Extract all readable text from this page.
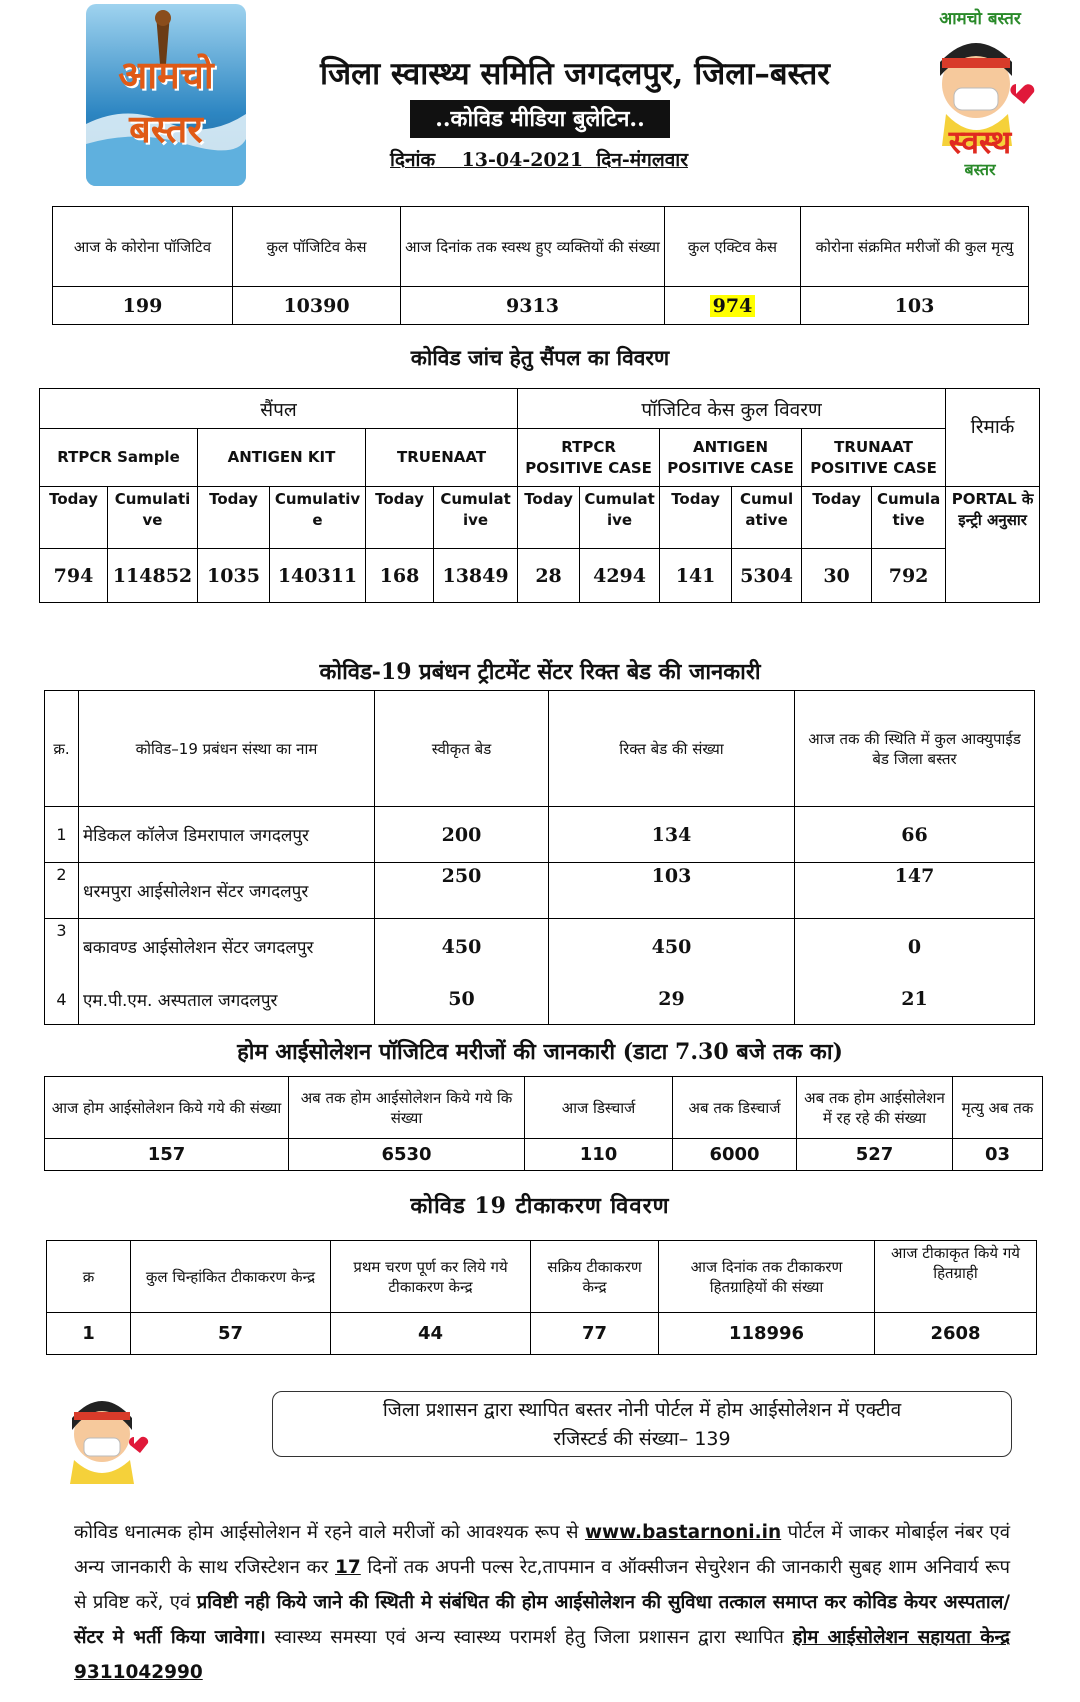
आमचो
बस्तर
आमचो बस्तर
स्वस्थ
बस्तर
जिला स्वास्थ्य समिति जगदलपुर, जिला–बस्तर
..कोविड मीडिया बुलेटिन..
दिनांक 13-04-2021 दिन-मंगलवार
आज के कोरोना पॉजिटिव	कुल पॉजिटिव केस	आज दिनांक तक स्वस्थ हुए व्यक्तियों की संख्या	कुल एक्टिव केस	कोरोना संक्रमित मरीजों की कुल मृत्यु
199	10390	9313	974	103
कोविड जांच हेतु सैंपल का विवरण
सैंपल						पॉजिटिव केस कुल विवरण						रिमार्क
RTPCR Sample		ANTIGEN KIT		TRUENAAT		RTPCR POSITIVE CASE		ANTIGEN POSITIVE CASE		TRUNAAT POSITIVE CASE		
Today	Cumulative	Today	Cumulative	Today	Cumulative	Today	Cumulative	Today	Cumulative	Today	Cumulative	PORTAL के इन्ट्री अनुसार
794	114852	1035	140311	168	13849	28	4294	141	5304	30	792	
कोविड-19 प्रबंधन ट्रीटमेंट सेंटर रिक्त बेड की जानकारी
क्र.	कोविड–19 प्रबंधन संस्था का नाम	स्वीकृत बेड	रिक्त बेड की संख्या	आज तक की स्थिति में कुल आक्युपाईड बेड जिला बस्तर
1	मेडिकल कॉलेज डिमरापाल जगदलपुर	200	134	66
2	धरमपुरा आईसोलेशन सेंटर जगदलपुर	250	103	147
3	बकावण्ड आईसोलेशन सेंटर जगदलपुर	450	450	0
4	एम.पी.एम. अस्पताल जगदलपुर	50	29	21
होम आईसोलेशन पॉजिटिव मरीजों की जानकारी (डाटा 7.30 बजे तक का)
आज होम आईसोलेशन किये गये की संख्या	अब तक होम आईसोलेशन किये गये कि संख्या	आज डिस्चार्ज	अब तक डिस्चार्ज	अब तक होम आईसोलेशन में रह रहे की संख्या	मृत्यु अब तक
157	6530	110	6000	527	03
कोविड 19 टीकाकरण विवरण
क्र	कुल चिन्हांकित टीकाकरण केन्द्र	प्रथम चरण पूर्ण कर लिये गये टीकाकरण केन्द्र	सक्रिय टीकाकरण केन्द्र	आज दिनांक तक टीकाकरण हितग्राहियों की संख्या	आज टीकाकृत किये गये हितग्राही
1	57	44	77	118996	2608
जिला प्रशासन द्वारा स्थापित बस्तर नोनी पोर्टल में होम आईसोलेशन में एक्टीव
रजिस्टर्ड की संख्या– 139
कोविड धनात्मक होम आईसोलेशन में रहने वाले मरीजों को आवश्यक रूप से www.bastarnoni.in पोर्टल में जाकर मोबाईल नंबर एवं अन्य जानकारी के साथ रजिस्टेशन कर 17 दिनों तक अपनी पल्स रेट,तापमान व ऑक्सीजन सेचुरेशन की जानकारी सुबह शाम अनिवार्य रूप से प्रविष्ट करें, एवं प्रविष्टी नही किये जाने की स्थिती मे संबंधित की होम आईसोलेशन की सुविधा तत्काल समाप्त कर कोविड केयर अस्पताल/सेंटर मे भर्ती किया जावेगा। स्वास्थ्य समस्या एवं अन्य स्वास्थ्य परामर्श हेतु जिला प्रशासन द्वारा स्थापित होम आईसोलेशन सहायता केन्द्र 9311042990
